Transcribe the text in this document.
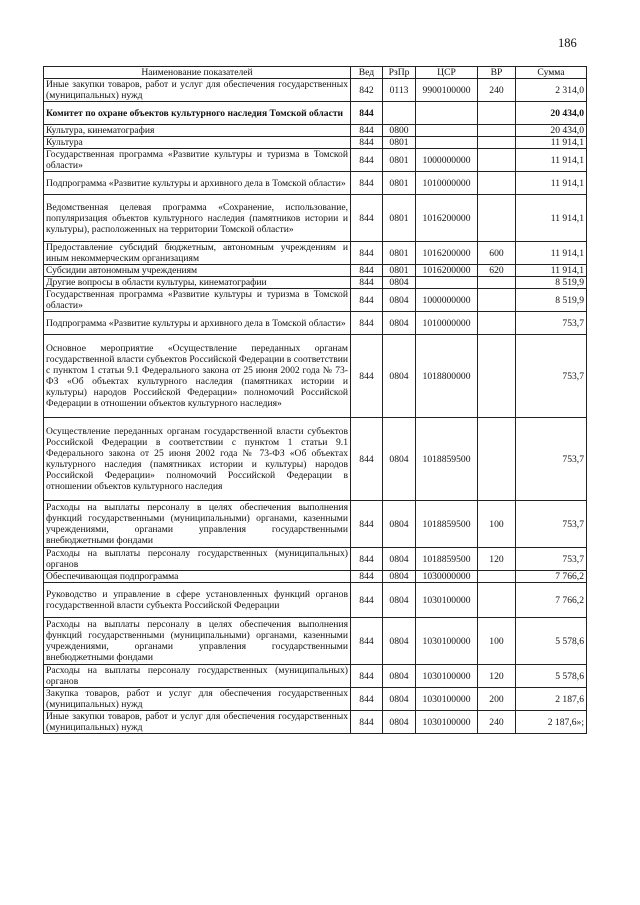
186
Наименование показателей	Вед	РзПр	ЦСР	ВР	Сумма
Иные закупки товаров, работ и услуг для обеспечения государственных (муниципальных) нужд	842	0113	9900100000	240	2 314,0
Комитет по охране объектов культурного наследия Томской области	844				20 434,0
Культура, кинематография	844	0800			20 434,0
Культура	844	0801			11 914,1
Государственная программа «Развитие культуры и туризма в Томской области»	844	0801	1000000000		11 914,1
Подпрограмма «Развитие культуры и архивного дела в Томской области»	844	0801	1010000000		11 914,1
Ведомственная целевая программа «Сохранение, использование, популяризация объектов культурного наследия (памятников истории и культуры), расположенных на территории Томской области»	844	0801	1016200000		11 914,1
Предоставление субсидий бюджетным, автономным учреждениям и иным некоммерческим организациям	844	0801	1016200000	600	11 914,1
Субсидии автономным учреждениям	844	0801	1016200000	620	11 914,1
Другие вопросы в области культуры, кинематографии	844	0804			8 519,9
Государственная программа «Развитие культуры и туризма в Томской области»	844	0804	1000000000		8 519,9
Подпрограмма «Развитие культуры и архивного дела в Томской области»	844	0804	1010000000		753,7
Основное мероприятие «Осуществление переданных органам государственной власти субъектов Российской Федерации в соответствии с пунктом 1 статьи 9.1 Федерального закона от 25 июня 2002 года № 73-ФЗ «Об объектах культурного наследия (памятниках истории и культуры) народов Российской Федерации» полномочий Российской Федерации в отношении объектов культурного наследия»	844	0804	1018800000		753,7
Осуществление переданных органам государственной власти субъектов Российской Федерации в соответствии с пунктом 1 статьи 9.1 Федерального закона от 25 июня 2002 года № 73-ФЗ «Об объектах культурного наследия (памятниках истории и культуры) народов Российской Федерации» полномочий Российской Федерации в отношении объектов культурного наследия	844	0804	1018859500		753,7
Расходы на выплаты персоналу в целях обеспечения выполнения функций государственными (муниципальными) органами, казенными учреждениями, органами управления государственными внебюджетными фондами	844	0804	1018859500	100	753,7
Расходы на выплаты персоналу государственных (муниципальных) органов	844	0804	1018859500	120	753,7
Обеспечивающая подпрограмма	844	0804	1030000000		7 766,2
Руководство и управление в сфере установленных функций органов государственной власти субъекта Российской Федерации	844	0804	1030100000		7 766,2
Расходы на выплаты персоналу в целях обеспечения выполнения функций государственными (муниципальными) органами, казенными учреждениями, органами управления государственными внебюджетными фондами	844	0804	1030100000	100	5 578,6
Расходы на выплаты персоналу государственных (муниципальных) органов	844	0804	1030100000	120	5 578,6
Закупка товаров, работ и услуг для обеспечения государственных (муниципальных) нужд	844	0804	1030100000	200	2 187,6
Иные закупки товаров, работ и услуг для обеспечения государственных (муниципальных) нужд	844	0804	1030100000	240	2 187,6»;
